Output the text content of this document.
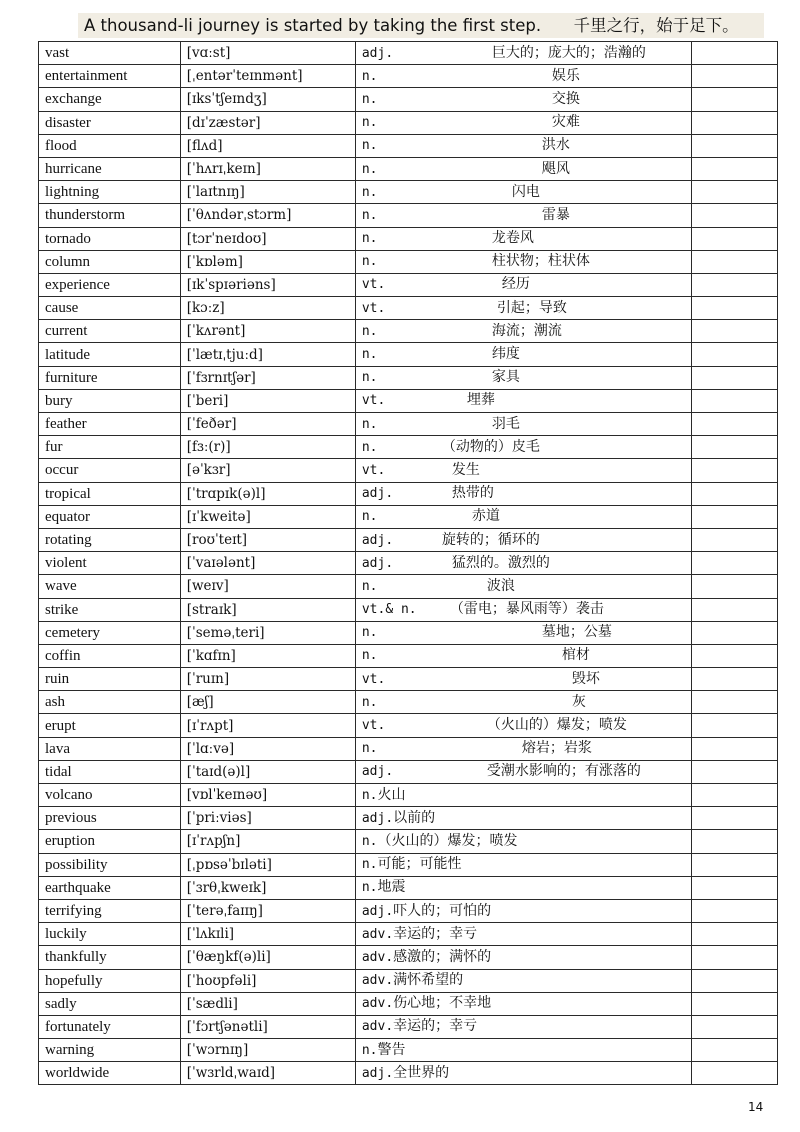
A thousand-li journey is started by taking the first step. 千里之行，始于足下。
vast	[vɑːst]	adj. 巨大的；庞大的；浩瀚的	
entertainment	[ˌentərˈteɪnmənt]	n. 娱乐	
exchange	[ɪksˈtʃeɪndʒ]	n. 交换	
disaster	[dɪˈzæstər]	n. 灾难	
flood	[flʌd]	n. 洪水	
hurricane	[ˈhʌrɪˌkeɪn]	n. 飓风	
lightning	[ˈlaɪtnɪŋ]	n. 闪电	
thunderstorm	[ˈθʌndərˌstɔrm]	n. 雷暴	
tornado	[tɔrˈneɪdoʊ]	n. 龙卷风	
column	[ˈkɒləm]	n. 柱状物；柱状体	
experience	[ɪkˈspɪəriəns]	vt. 经历	
cause	[kɔːz]	vt. 引起；导致	
current	[ˈkʌrənt]	n. 海流；潮流	
latitude	[ˈlætɪˌtjuːd]	n. 纬度	
furniture	[ˈfɜrnɪtʃər]	n. 家具	
bury	[ˈberi]	vt. 埋葬	
feather	[ˈfeðər]	n. 羽毛	
fur	[fɜː(r)]	n. （动物的）皮毛	
occur	[əˈkɜr]	vt. 发生	
tropical	[ˈtrɑpɪk(ə)l]	adj. 热带的	
equator	[ɪˈkweitə]	n. 赤道	
rotating	[roʊˈteɪt]	adj. 旋转的；循环的	
violent	[ˈvaɪələnt]	adj. 猛烈的。激烈的	
wave	[weɪv]	n. 波浪	
strike	[straɪk]	vt.& n. （雷电；暴风雨等）袭击	
cemetery	[ˈseməˌteri]	n. 墓地；公墓	
coffin	[ˈkɑfɪn]	n. 棺材	
ruin	[ˈruɪn]	vt. 毁坏	
ash	[æʃ]	n. 灰	
erupt	[ɪˈrʌpt]	vt. （火山的）爆发；喷发	
lava	[ˈlɑːvə]	n. 熔岩；岩浆	
tidal	[ˈtaɪd(ə)l]	adj. 受潮水影响的；有涨落的	
volcano	[vɒlˈkeɪnəʊ]	n.火山	
previous	[ˈpriːviəs]	adj.以前的	
eruption	[ɪˈrʌpʃn]	n.（火山的）爆发；喷发	
possibility	[ˌpɒsəˈbɪləti]	n.可能；可能性	
earthquake	[ˈɜrθˌkweɪk]	n.地震	
terrifying	[ˈterəˌfaɪɪŋ]	adj.吓人的；可怕的	
luckily	[ˈlʌkɪli]	adv.幸运的；幸亏	
thankfully	[ˈθæŋkf(ə)li]	adv.感激的；满怀的	
hopefully	[ˈhoʊpfəli]	adv.满怀希望的	
sadly	[ˈsædli]	adv.伤心地；不幸地	
fortunately	[ˈfɔrtʃənətli]	adv.幸运的；幸亏	
warning	[ˈwɔrnɪŋ]	n.警告	
worldwide	[ˈwɜrldˌwaɪd]	adj.全世界的	
14
